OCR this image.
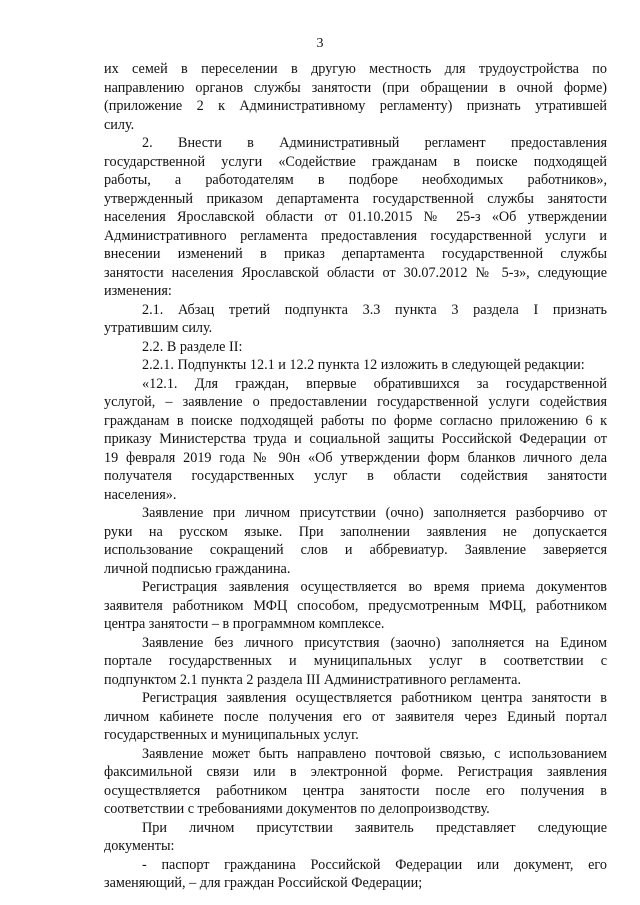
3

их семей в переселении в другую местность для трудоустройства по

направлению органов службы занятости (при обращении в очной форме)

(приложение 2 к Административному регламенту) признать утратившей

силу.

2. Внести в Административный регламент предоставления

государственной услуги «Содействие гражданам в поиске подходящей

работы, а работодателям в подборе необходимых работников»,

утвержденный приказом департамента государственной службы занятости

населения Ярославской области от 01.10.2015 № 25-з «Об утверждении

Административного регламента предоставления государственной услуги и

внесении изменений в приказ департамента государственной службы

занятости населения Ярославской области от 30.07.2012 № 5-з», следующие

изменения:

2.1. Абзац третий подпункта 3.3 пункта 3 раздела I признать

утратившим силу.

2.2. В разделе II:

2.2.1. Подпункты 12.1 и 12.2 пункта 12 изложить в следующей редакции:

«12.1. Для граждан, впервые обратившихся за государственной

услугой, – заявление о предоставлении государственной услуги содействия

гражданам в поиске подходящей работы по форме согласно приложению 6 к

приказу Министерства труда и социальной защиты Российской Федерации от

19 февраля 2019 года № 90н «Об утверждении форм бланков личного дела

получателя государственных услуг в области содействия занятости

населения».

Заявление при личном присутствии (очно) заполняется разборчиво от

руки на русском языке. При заполнении заявления не допускается

использование сокращений слов и аббревиатур. Заявление заверяется

личной подписью гражданина.

Регистрация заявления осуществляется во время приема документов

заявителя работником МФЦ способом, предусмотренным МФЦ, работником

центра занятости – в программном комплексе.

Заявление без личного присутствия (заочно) заполняется на Едином

портале государственных и муниципальных услуг в соответствии с

подпунктом 2.1 пункта 2 раздела III Административного регламента.

Регистрация заявления осуществляется работником центра занятости в

личном кабинете после получения его от заявителя через Единый портал

государственных и муниципальных услуг.

Заявление может быть направлено почтовой связью, с использованием

факсимильной связи или в электронной форме. Регистрация заявления

осуществляется работником центра занятости после его получения в

соответствии с требованиями документов по делопроизводству.

При личном присутствии заявитель представляет следующие

документы:

- паспорт гражданина Российской Федерации или документ, его

заменяющий, – для граждан Российской Федерации;
